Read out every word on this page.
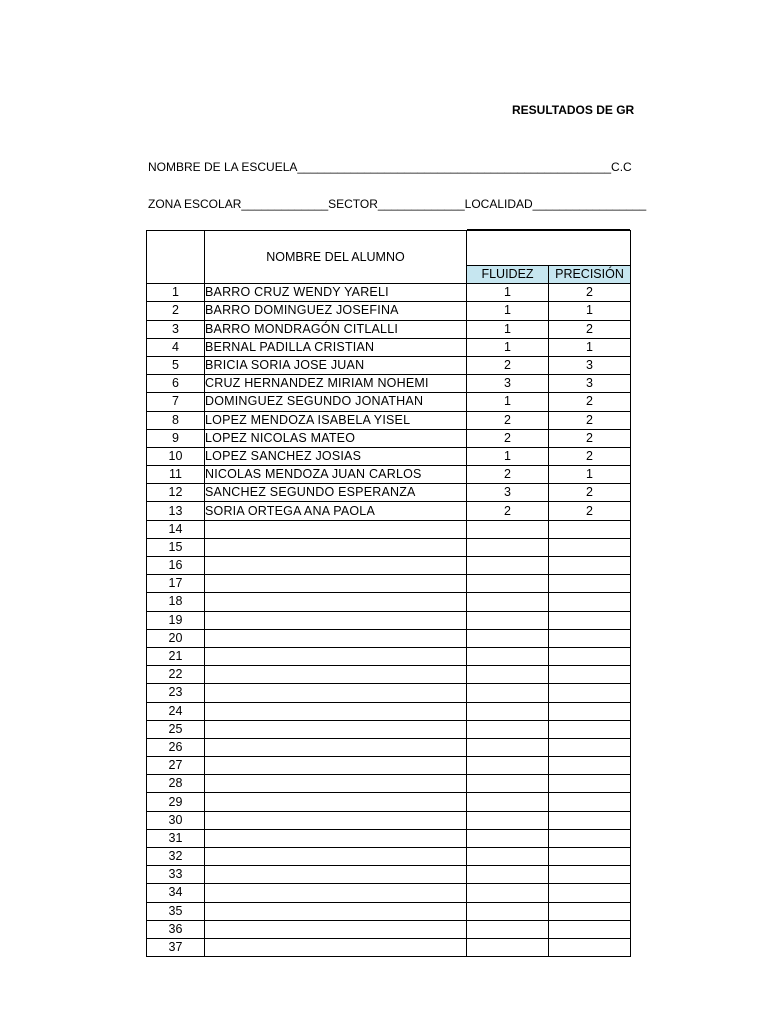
RESULTADOS DE GR
NOMBRE DE LA ESCUELA_______________________________________________C.C
ZONA ESCOLAR_____________SECTOR_____________LOCALIDAD_________________
	NOMBRE DEL ALUMNO		
		FLUIDEZ	PRECISIÓN
1	BARRO CRUZ WENDY YARELI	1	2
2	BARRO DOMINGUEZ JOSEFINA	1	1
3	BARRO MONDRAGÓN CITLALLI	1	2
4	BERNAL PADILLA CRISTIAN	1	1
5	BRICIA SORIA JOSE JUAN	2	3
6	CRUZ HERNANDEZ MIRIAM NOHEMI	3	3
7	DOMINGUEZ SEGUNDO JONATHAN	1	2
8	LOPEZ MENDOZA ISABELA YISEL	2	2
9	LOPEZ NICOLAS MATEO	2	2
10	LOPEZ SANCHEZ JOSIAS	1	2
11	NICOLAS MENDOZA JUAN CARLOS	2	1
12	SANCHEZ SEGUNDO ESPERANZA	3	2
13	SORIA ORTEGA ANA PAOLA	2	2
14			
15			
16			
17			
18			
19			
20			
21			
22			
23			
24			
25			
26			
27			
28			
29			
30			
31			
32			
33			
34			
35			
36			
37			
